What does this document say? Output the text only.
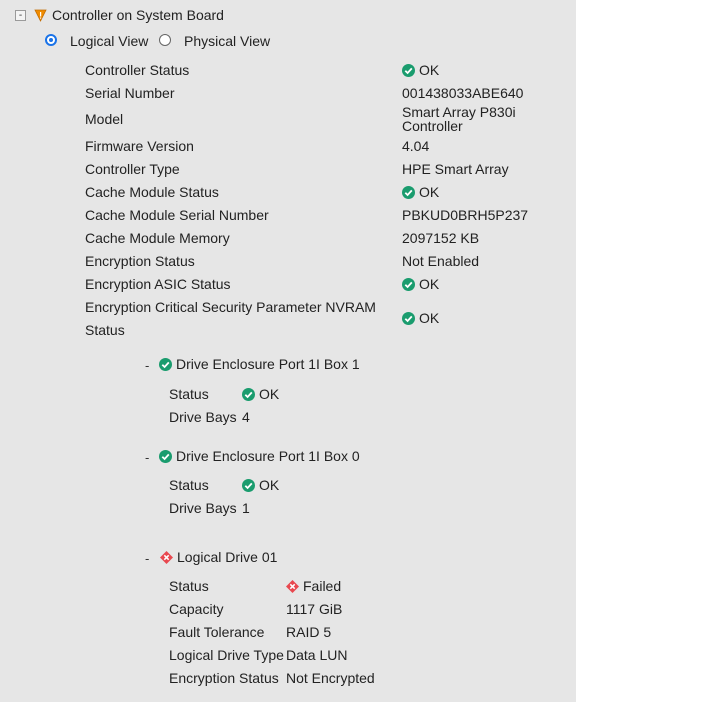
- Controller on System Board
Logical View	Physical View
Controller Status	OK
Serial Number	001438033ABE640
Model	Smart Array P830i Controller
Firmware Version	4.04
Controller Type	HPE Smart Array
Cache Module Status	OK
Cache Module Serial Number	PBKUD0BRH5P237
Cache Module Memory	2097152 KB
Encryption Status	Not Enabled
Encryption ASIC Status	OK
Encryption Critical Security Parameter NVRAM
Status
OK
- Drive Enclosure Port 1I Box 1
Status	OK
Drive Bays 4
- Drive Enclosure Port 1I Box 0
Status	OK
Drive Bays 1
- Logical Drive 01
Status	Failed
Capacity	1117 GiB
Fault Tolerance RAID 5
Logical Drive Type Data LUN
Encryption Status Not Encrypted
